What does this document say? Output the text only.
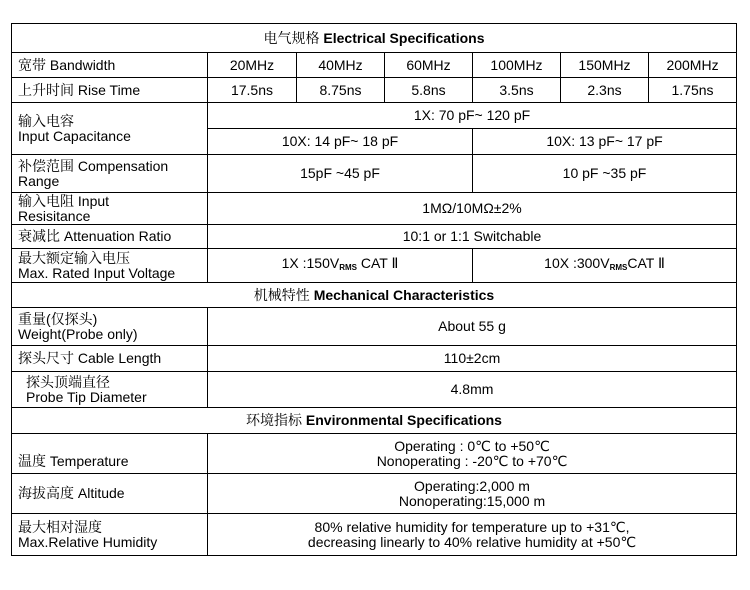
电气规格 Electrical Specifications						
宽带 Bandwidth	20MHz	40MHz	60MHz	100MHz	150MHz	200MHz
上升时间 Rise Time	17.5ns	8.75ns	5.8ns	3.5ns	2.3ns	1.75ns

输入电容
Input Capacitance	1X: 70 pF~ 120 pF					
	10X: 14 pF~ 18 pF			10X: 13 pF~ 17 pF		

补偿范围 Compensation
Range	15pF ~45 pF			10 pF ~35 pF		

输入电阻 Input
Resisitance	1MΩ/10MΩ±2%					
衰减比 Attenuation Ratio	10:1 or 1:1 Switchable					

最大额定输入电压
Max. Rated Input Voltage	1X $:150V_{RMS}$ CAT Ⅱ			10X $:300V_{RMS}CAT$ Ⅱ		
机械特性 Mechanical Characteristics						

重量(仅探头)
Weight(Probe only)	About 55 g					
探头尺寸 Cable Length	110±2cm					

探头顶端直径
Probe Tip Diameter	4.8mm					
环境指标 Environmental Specifications						
温度 Temperature	Operating : 0℃ to +50℃
Nonoperating : -20℃ to +70℃					

海拔高度 Altitude	Operating:2,000 m
Nonoperating:15,000 m					

最大相对湿度
Max.Relative Humidity	80% relative humidity for temperature up to +31℃,
decreasing linearly to 40% relative humidity at +50℃					
